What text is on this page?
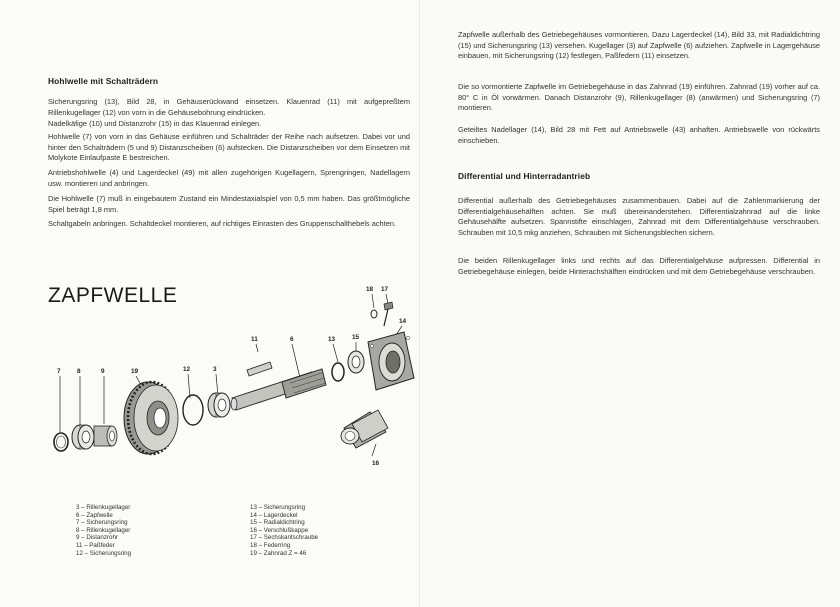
Hohlwelle mit Schalträdern

Sicherungsring (13), Bild 28, in Gehäuserückwand einsetzen. Klauenrad (11) mit aufgepreßtem Rillenkugellager (12) von vorn in die Gehäusebohrung eindrücken.

Nadelkäfige (10) und Distanzrohr (15) in das Klauenrad einlegen.

Hohlwelle (7) von vorn in das Gehäuse einführen und Schalträder der Reihe nach aufsetzen. Dabei vor und hinter den Schalträdern (5 und 9) Distanzscheiben (6) aufstecken. Die Distanzscheiben vor dem Einsetzen mit Molykote Einlaufpaste E bestreichen.

Antriebshohlwelle (4) und Lagerdeckel (49) mit allen zugehörigen Kugellagern, Sprengringen, Nadellagern usw. montieren und anbringen.

Die Hohlwelle (7) muß in eingebautem Zustand ein Mindestaxialspiel von 0,5 mm haben. Das größtmögliche Spiel beträgt 1,8 mm.

Schaltgabeln anbringen. Schaltdeckel montieren, auf richtiges Einrasten des Gruppenschalthebels achten.

ZAPFWELLE	18 17
14
11	6	13	15
7	8	9	19	12	3
16
3 – Rillenkugellager
6 – Zapfwelle
7 – Sicherungsring
8 – Rillenkugellager
9 – Distanzrohr
11 – Paßfeder
12 – Sicherungsring
13 – Sicherungsring
14 – Lagerdeckel
15 – Radialdichtring
16 – Verschlußkappe
17 – Sechskantschraube
18 – Federring
19 – Zahnrad Z = 46

Zapfwelle außerhalb des Getriebegehäuses vormontieren. Dazu Lagerdeckel (14), Bild 33, mit Radialdichtring (15) und Sicherungsring (13) versehen. Kugellager (3) auf Zapfwelle (6) aufziehen. Zapfwelle in Lagergehäuse einbauen, mit Sicherungsring (12) festlegen, Paßfedern (11) einsetzen.

Die so vormontierte Zapfwelle im Getriebegehäuse in das Zahnrad (19) einführen. Zahnrad (19) vorher auf ca. 80° C in Öl vorwärmen. Danach Distanzrohr (9), Rillenkugellager (8) (anwärmen) und Sicherungsring (7) montieren.

Geteiltes Nadellager (14), Bild 28 mit Fett auf Antriebswelle (43) anhaften. Antriebswelle von rückwärts einschieben.

Differential und Hinterradantrieb

Differential außerhalb des Getriebegehäuses zusammenbauen. Dabei auf die Zahlenmarkierung der Differentialgehäusehälften achten. Sie muß übereinanderstehen. Differentialzahnrad auf die linke Gehäusehälfte aufsetzen. Spannstifte einschlagen, Zahnrad mit dem Differentialgehäuse verschrauben. Schrauben mit 10,5 mkg anziehen, Schrauben mit Sicherungsblechen sichern.

Die beiden Rillenkugellager links und rechts auf das Differentialgehäuse aufpressen. Differential in Getriebegehäuse einlegen, beide Hinterachshälften eindrücken und mit dem Getriebegehäuse verschrauben.
